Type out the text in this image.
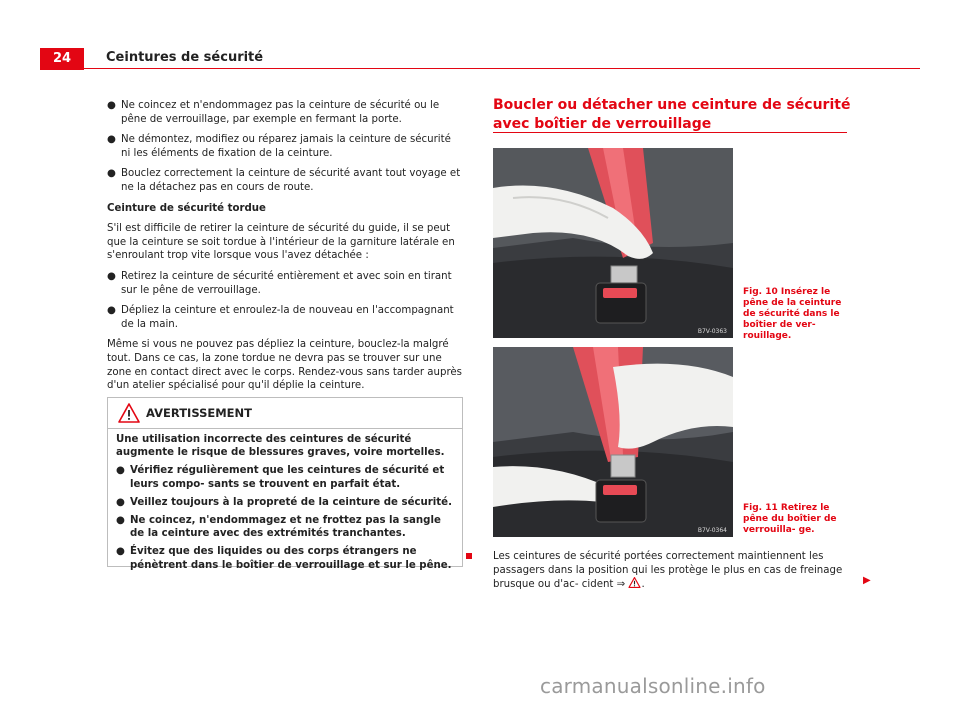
24	Ceintures de sécurité
● Ne coincez et n'endommagez pas la ceinture de sécurité ou le pêne de verrouillage, par exemple en fermant la porte.

● Ne démontez, modifiez ou réparez jamais la ceinture de sécurité ni les éléments de fixation de la ceinture.

● Bouclez correctement la ceinture de sécurité avant tout voyage et ne la détachez pas en cours de route.

Ceinture de sécurité tordue

S'il est difficile de retirer la ceinture de sécurité du guide, il se peut que la ceinture se soit tordue à l'intérieur de la garniture latérale en s'enroulant trop vite lorsque vous l'avez détachée :

● Retirez la ceinture de sécurité entièrement et avec soin en tirant sur le pêne de verrouillage.

● Dépliez la ceinture et enroulez-la de nouveau en l'accompagnant de la main.

Même si vous ne pouvez pas dépliez la ceinture, bouclez-la malgré tout. Dans ce cas, la zone tordue ne devra pas se trouver sur une zone en contact direct avec le corps. Rendez-vous sans tarder auprès d'un atelier spécialisé pour qu'il déplie la ceinture.

AVERTISSEMENT

Une utilisation incorrecte des ceintures de sécurité augmente le risque de blessures graves, voire mortelles.

● Vérifiez régulièrement que les ceintures de sécurité et leurs compo- sants se trouvent en parfait état.

● Veillez toujours à la propreté de la ceinture de sécurité.

● Ne coincez, n'endommagez et ne frottez pas la sangle de la ceinture avec des extrémités tranchantes.

● Évitez que des liquides ou des corps étrangers ne pénètrent dans le boîtier de verrouillage et sur le pêne.

Boucler ou détacher une ceinture de sécurité avec boîtier de verrouillage
B7V-0363
Fig. 10 Insérez le pêne de la ceinture de sécurité dans le boîtier de ver- rouillage.
B7V-0364
Fig. 11 Retirez le pêne du boîtier de verrouilla- ge.

Les ceintures de sécurité portées correctement maintiennent les passagers dans la position qui les protège le plus en cas de freinage brusque ou d'ac- cident ⇒ .	▶
carmanualsonline.info
